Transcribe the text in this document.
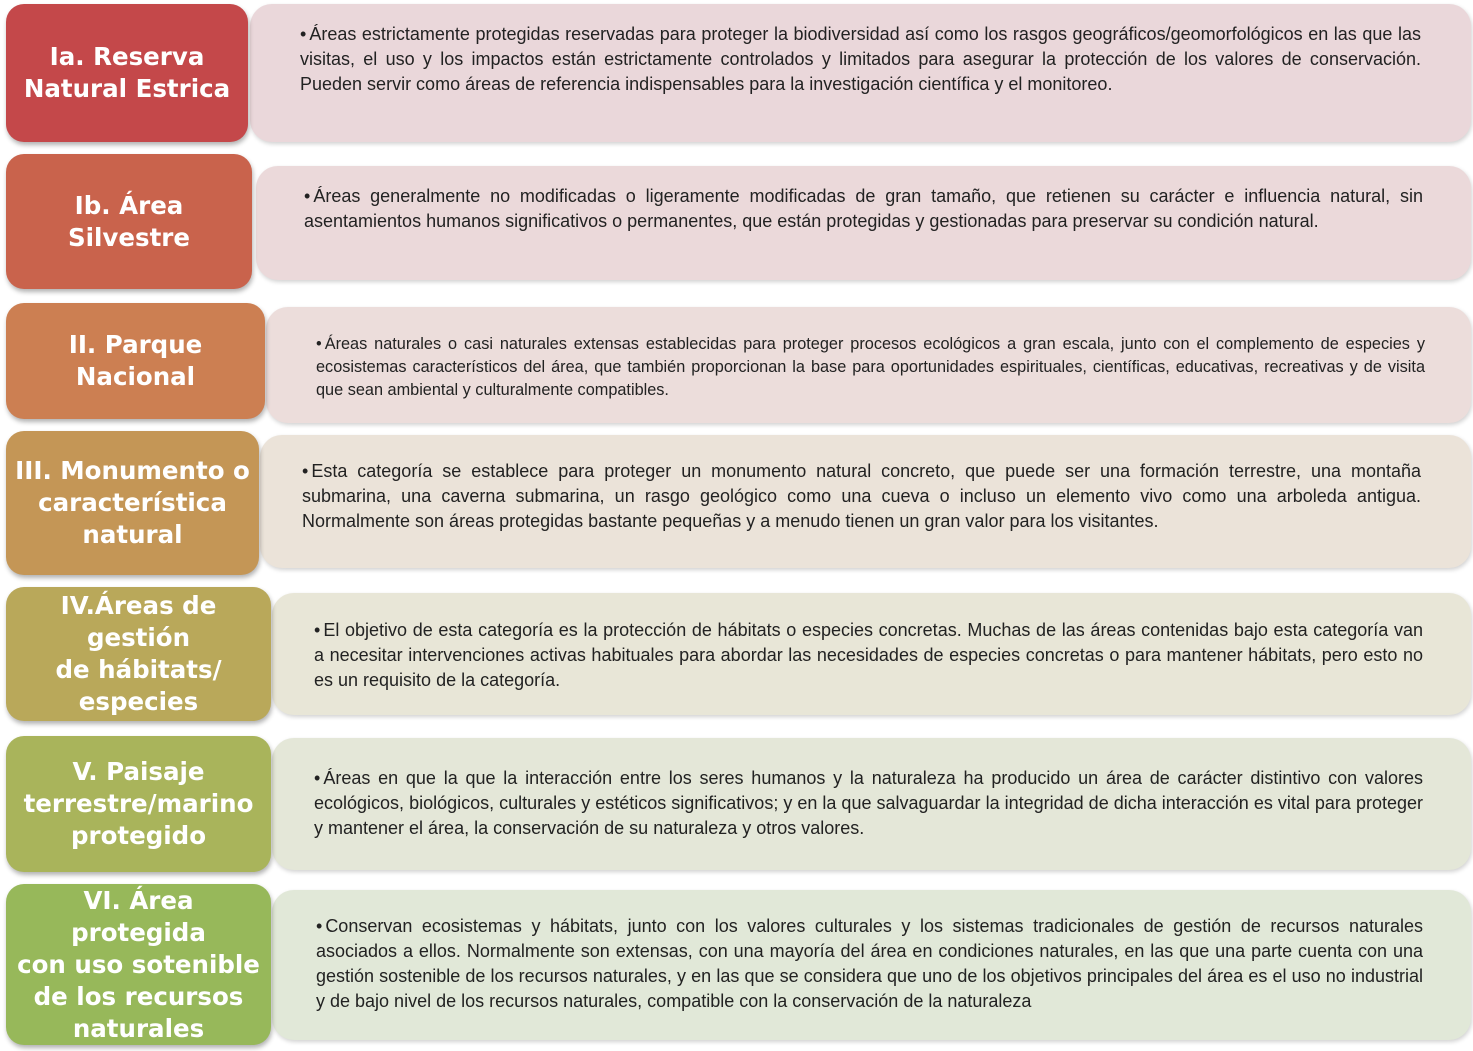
Ia. Reserva
Natural Estrica

• Áreas estrictamente protegidas reservadas para proteger la biodiversidad así como los rasgos geográficos/geomorfológicos en las que las visitas, el uso y los impactos están estrictamente controlados y limitados para asegurar la protección de los valores de conservación. Pueden servir como áreas de referencia indispensables para la investigación científica y el monitoreo.

Ib. Área Silvestre

• Áreas generalmente no modificadas o ligeramente modificadas de gran tamaño, que retienen su carácter e influencia natural, sin asentamientos humanos significativos o permanentes, que están protegidas y gestionadas para preservar su condición natural.

II. Parque Nacional

• Áreas naturales o casi naturales extensas establecidas para proteger procesos ecológicos a gran escala, junto con el complemento de especies y ecosistemas característicos del área, que también proporcionan la base para oportunidades espirituales, científicas, educativas, recreativas y de visita que sean ambiental y culturalmente compatibles.

III. Monumento o
característica
natural

• Esta categoría se establece para proteger un monumento natural concreto, que puede ser una formación terrestre, una montaña submarina, una caverna submarina, un rasgo geológico como una cueva o incluso un elemento vivo como una arboleda antigua. Normalmente son áreas protegidas bastante pequeñas y a menudo tienen un gran valor para los visitantes.

IV.Áreas de gestión
de hábitats/
especies

• El objetivo de esta categoría es la protección de hábitats o especies concretas. Muchas de las áreas contenidas bajo esta categoría van a necesitar intervenciones activas habituales para abordar las necesidades de especies concretas o para mantener hábitats, pero esto no es un requisito de la categoría.

V. Paisaje
terrestre/marino
protegido

• Áreas en que la que la interacción entre los seres humanos y la naturaleza ha producido un área de carácter distintivo con valores ecológicos, biológicos, culturales y estéticos significativos; y en la que salvaguardar la integridad de dicha interacción es vital para proteger y mantener el área, la conservación de su naturaleza y otros valores.

VI. Área protegida
con uso sotenible
de los recursos
naturales

• Conservan ecosistemas y hábitats, junto con los valores culturales y los sistemas tradicionales de gestión de recursos naturales asociados a ellos. Normalmente son extensas, con una mayoría del área en condiciones naturales, en las que una parte cuenta con una gestión sostenible de los recursos naturales, y en las que se considera que uno de los objetivos principales del área es el uso no industrial y de bajo nivel de los recursos naturales, compatible con la conservación de la naturaleza
